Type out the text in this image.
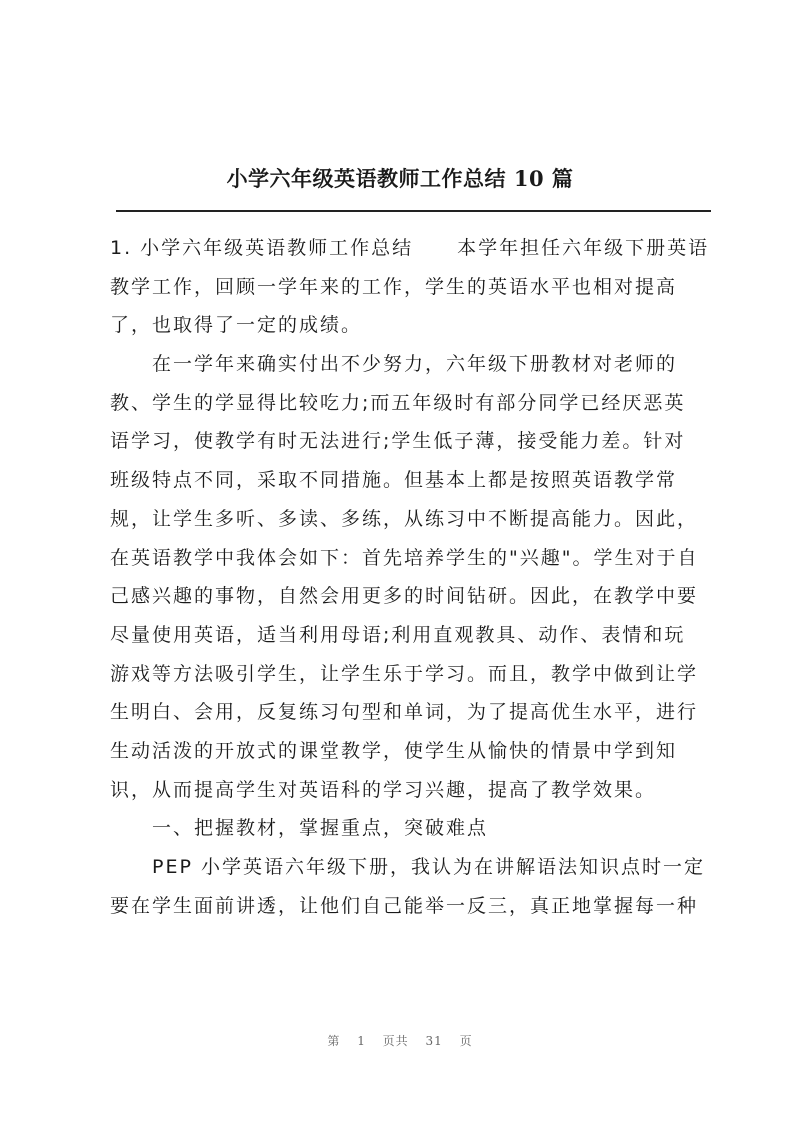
小学六年级英语教师工作总结 10 篇
1. 小学六年级英语教师工作总结 本学年担任六年级下册英语
教学工作，回顾一学年来的工作，学生的英语水平也相对提高
了，也取得了一定的成绩。
在一学年来确实付出不少努力，六年级下册教材对老师的
教、学生的学显得比较吃力;而五年级时有部分同学已经厌恶英
语学习，使教学有时无法进行;学生低子薄，接受能力差。针对
班级特点不同，采取不同措施。但基本上都是按照英语教学常
规，让学生多听、多读、多练，从练习中不断提高能力。因此，
在英语教学中我体会如下：首先培养学生的"兴趣"。学生对于自
己感兴趣的事物，自然会用更多的时间钻研。因此，在教学中要
尽量使用英语，适当利用母语;利用直观教具、动作、表情和玩
游戏等方法吸引学生，让学生乐于学习。而且，教学中做到让学
生明白、会用，反复练习句型和单词，为了提高优生水平，进行
生动活泼的开放式的课堂教学，使学生从愉快的情景中学到知
识，从而提高学生对英语科的学习兴趣，提高了教学效果。
一、把握教材，掌握重点，突破难点
PEP 小学英语六年级下册，我认为在讲解语法知识点时一定
要在学生面前讲透，让他们自己能举一反三，真正地掌握每一种
第 1 页共 31 页
